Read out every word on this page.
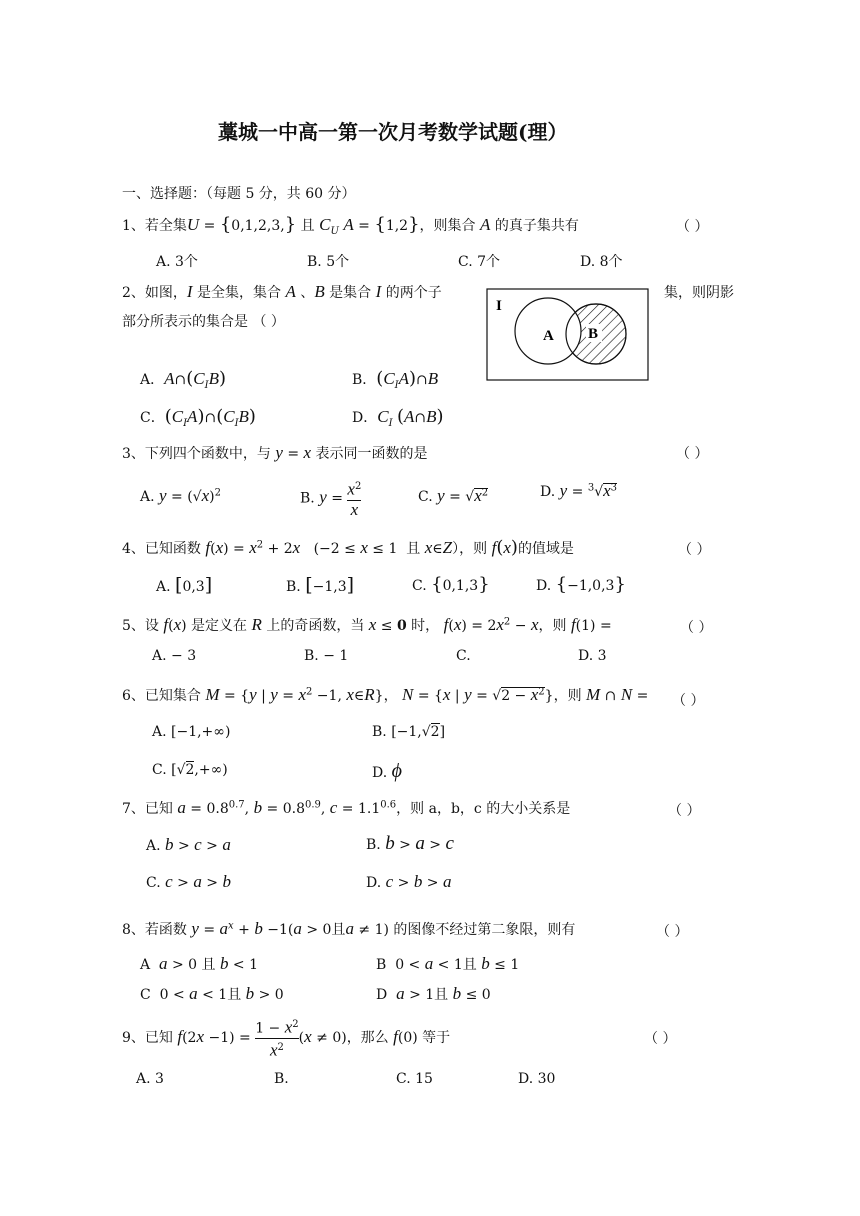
藁城一中高一第一次月考数学试题(理）
一、选择题：（每题 5 分，共 60 分）
1、若全集U = {0,1,2,3,} 且 $C_U$ A = {1,2}，则集合 A 的真子集共有	（ ）
A. 3个	B. 5个	C. 7个	D. 8个
2、如图，I 是全集，集合 A 、B 是集合 I 的两个子	集，则阴影
部分所表示的集合是 （ ）
I
A B
A．$A\cap(C_IB)$	B．$(C_IA)\cap B$
C．$(C_IA)\cap(C_IB)$	D．$C_I$ (A∩B)
3、下列四个函数中，与 y = x 表示同一函数的是	（ ）
A. $y = (√x)^2$	B. $y = x^2$
x
C. $y = √x^2$	D. $y = ^3√x^3$
4、已知函数 $f(x) = x^2 + 2x$   (−2 ≤ x ≤ 1  且 x∈Z），则 f(x)的值域是	（ ）
A. [0,3]	B. [−1,3]	C. {0,1,3}	D. {−1,0,3}
5、设 f(x) 是定义在 R 上的奇函数，当 x ≤ 0 时， $f(x) = 2x^2 - x$，则 f(1) =	（ ）
A. − 3	B. − 1	C.	D. 3
6、已知集合 M = {y | $y = x^2 -1$, x∈R}， N = {x | $y = √2 - x^2$}，则 M ∩ N = （ ）
A. [−1,+∞)	B. [−1,√2]
C. [√2,+∞)	D. ϕ
7、已知 $a = 0.8^{0.7}$, $b = 0.8^{0.9}$, $c = 1.1^{0.6}$，则 a，b，c 的大小关系是	（ ）
A. b > c > a	B. b > a > c
C. c > a > b	D. c > b > a
8、若函数 $y = a^x + b -1(a > 0$且a ≠ 1) 的图像不经过第二象限，则有	（ ）
A  a > 0 且 b < 1	B  0 < a < 1且 b ≤ 1
C  0 < a < 1且 b > 0	D  a > 1且 b ≤ 0
9、已知 $f(2x -1) = \frac{1 - x^2}{x^2} (x \ne 0)$，那么 f(0) 等于	（ ）
A. 3	B.	C. 15	D. 30
